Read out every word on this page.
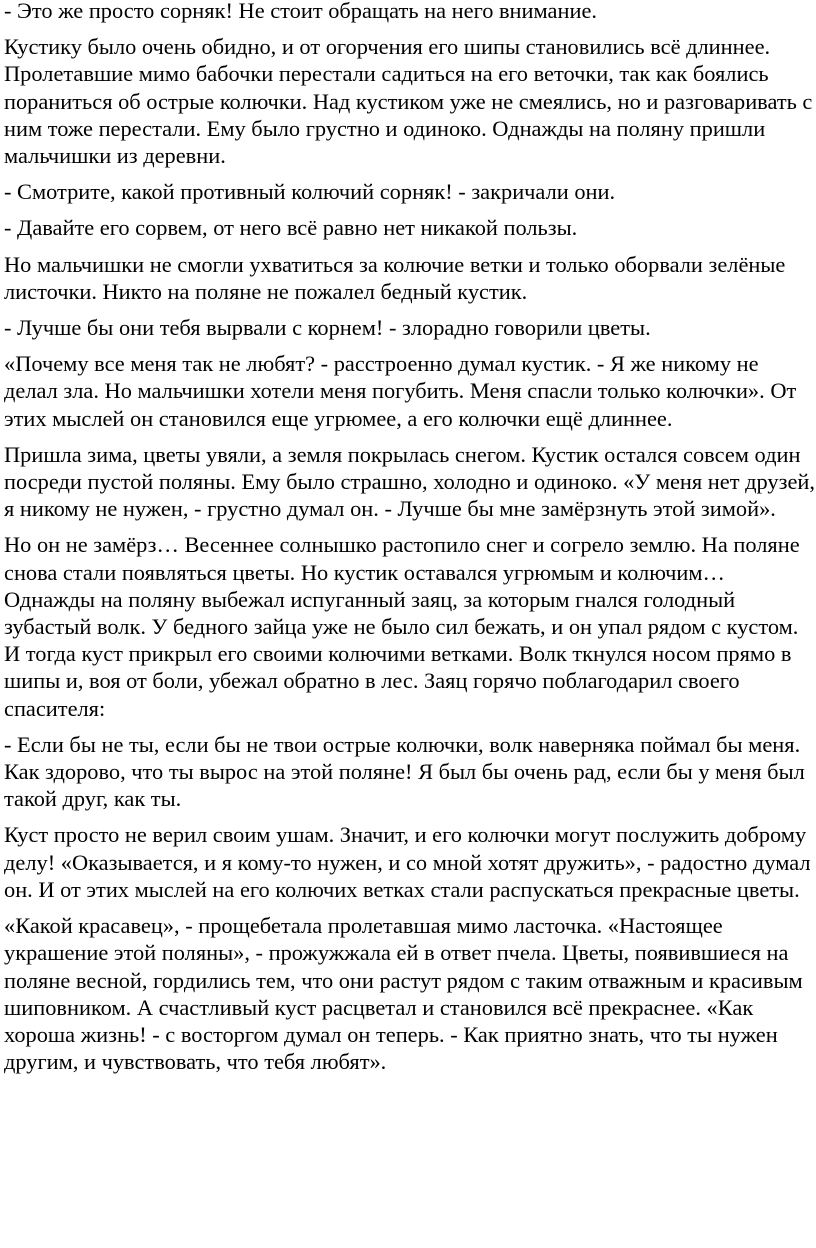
- Это же просто сорняк! Не стоит обращать на него внимание.

Кустику было очень обидно, и от огорчения его шипы становились всё длиннее. Пролетавшие мимо бабочки перестали садиться на его веточки, так как боялись пораниться об острые колючки. Над кустиком уже не смеялись, но и разговаривать с ним тоже перестали. Ему было грустно и одиноко. Однажды на поляну пришли мальчишки из деревни.

- Смотрите, какой противный колючий сорняк! - закричали они.

- Давайте его сорвем, от него всё равно нет никакой пользы.

Но мальчишки не смогли ухватиться за колючие ветки и только оборвали зелёные листочки. Никто на поляне не пожалел бедный кустик.

- Лучше бы они тебя вырвали с корнем! - злорадно говорили цветы.

«Почему все меня так не любят? - расстроенно думал кустик. - Я же никому не делал зла. Но мальчишки хотели меня погубить. Меня спасли только колючки». От этих мыслей он становился еще угрюмее, а его колючки ещё длиннее.

Пришла зима, цветы увяли, а земля покрылась снегом. Кустик остался совсем один посреди пустой поляны. Ему было страшно, холодно и одиноко. «У меня нет друзей, я никому не нужен, - грустно думал он. - Лучше бы мне замёрзнуть этой зимой».

Но он не замёрз… Весеннее солнышко растопило снег и согрело землю. На поляне снова стали появляться цветы. Но кустик оставался угрюмым и колючим… Однажды на поляну выбежал испуганный заяц, за которым гнался голодный зубастый волк. У бедного зайца уже не было сил бежать, и он упал рядом с кустом. И тогда куст прикрыл его своими колючими ветками. Волк ткнулся носом прямо в шипы и, воя от боли, убежал обратно в лес. Заяц горячо поблагодарил своего спасителя:

- Если бы не ты, если бы не твои острые колючки, волк наверняка поймал бы меня. Как здорово, что ты вырос на этой поляне! Я был бы очень рад, если бы у меня был такой друг, как ты.

Куст просто не верил своим ушам. Значит, и его колючки могут послужить доброму делу! «Оказывается, и я кому-то нужен, и со мной хотят дружить», - радостно думал он. И от этих мыслей на его колючих ветках стали распускаться прекрасные цветы.

«Какой красавец», - прощебетала пролетавшая мимо ласточка. «Настоящее украшение этой поляны», - прожужжала ей в ответ пчела. Цветы, появившиеся на поляне весной, гордились тем, что они растут рядом с таким отважным и красивым шиповником. А счастливый куст расцветал и становился всё прекраснее. «Как хороша жизнь! - с восторгом думал он теперь. - Как приятно знать, что ты нужен другим, и чувствовать, что тебя любят».
